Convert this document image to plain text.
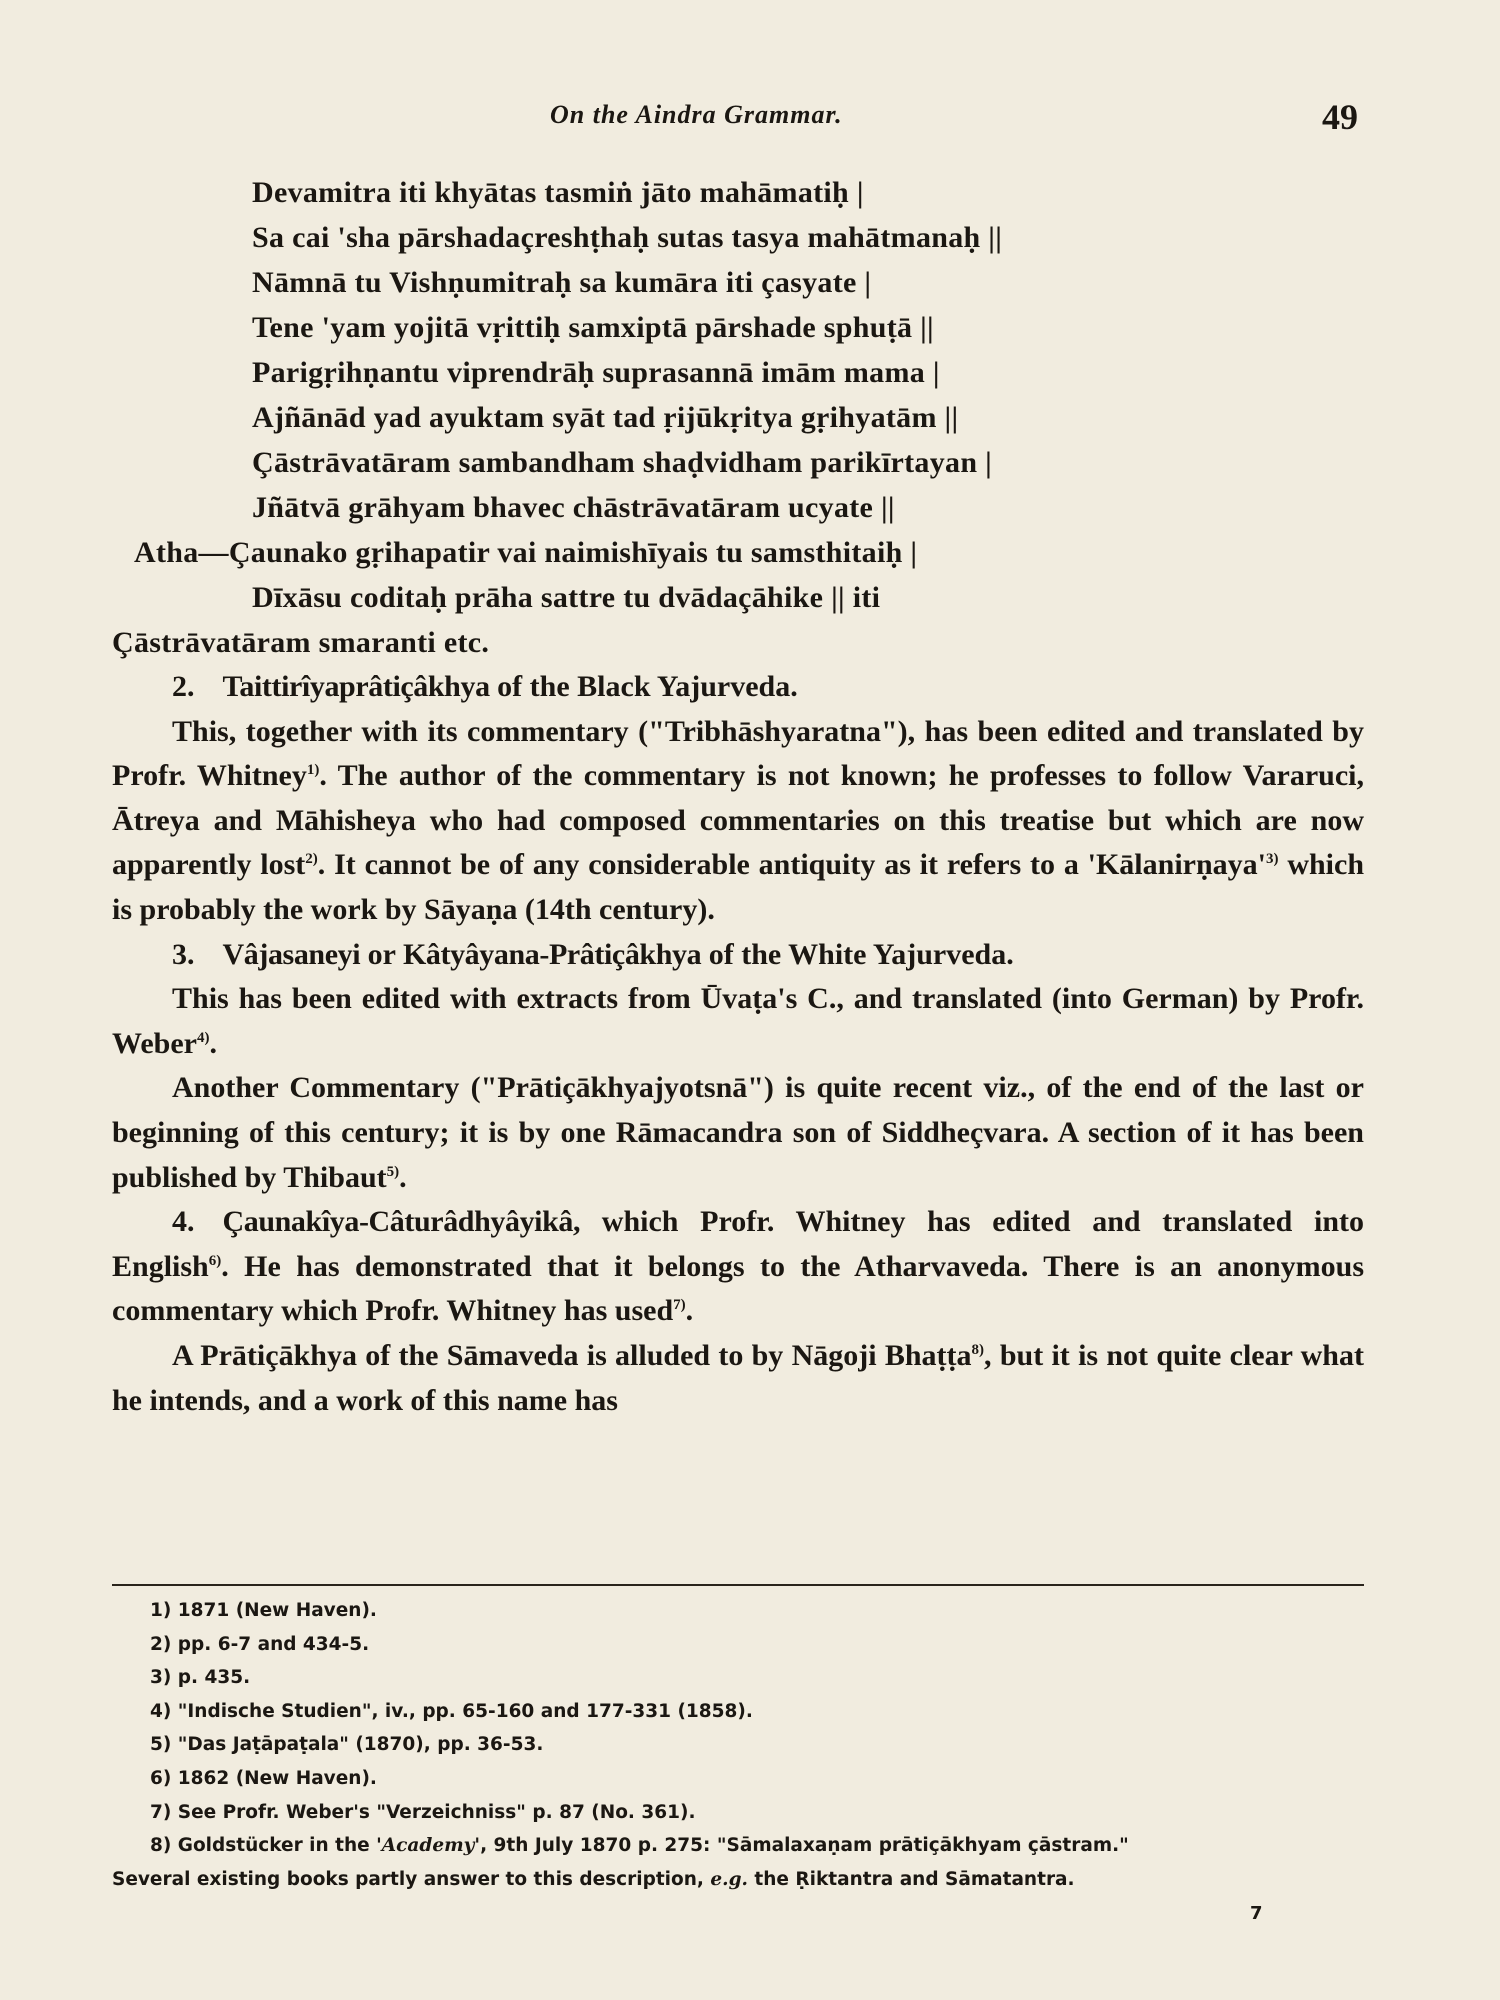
On the Aindra Grammar.	49
Devamitra iti khyātas tasmiṅ jāto mahāmatiḥ |
Sa cai 'sha pārshadaçreshṭhaḥ sutas tasya mahātmanaḥ ||
Nāmnā tu Vishṇumitraḥ sa kumāra iti çasyate |
Tene 'yam yojitā vṛittiḥ samxiptā pārshade sphuṭā ||
Parigṛihṇantu viprendrāḥ suprasannā imām mama |
Ajñānād yad ayuktam syāt tad ṛijūkṛitya gṛihyatām ||
Çāstrāvatāram sambandham shaḍvidham parikīrtayan |
Jñātvā grāhyam bhavec chāstrāvatāram ucyate ||
Atha—Çaunako gṛihapatir vai naimishīyais tu samsthitaiḥ |
Dīxāsu coditaḥ prāha sattre tu dvādaçāhike || iti
Çāstrāvatāram smaranti etc.

2. Taittirîyaprâtiçâkhya of the Black Yajurveda.

This, together with its commentary ("Tribhāshyaratna"), has been edited and translated by Profr. Whitney$^{1)}$. The author of the commentary is not known; he professes to follow Vararuci, Ātreya and Māhisheya who had composed commentaries on this treatise but which are now apparently lost$^{2)}$. It cannot be of any considerable antiquity as it refers to a '$Kālanirṇaya'^{3)}$ which is probably the work by Sāyaṇa (14th century).

3. Vâjasaneyi or Kâtyâyana-Prâtiçâkhya of the White Yajurveda.

This has been edited with extracts from Ūvaṭa's C., and translated (into German) by Profr. Weber$^{4)}$.

Another Commentary ("Prātiçākhyajyotsnā") is quite recent viz., of the end of the last or beginning of this century; it is by one Rāmacandra son of Siddheçvara. A section of it has been published by Thibaut$^{5)}$.

4. Çaunakîya-Câturâdhyâyikâ, which Profr. Whitney has edited and translated into English$^{6)}$. He has demonstrated that it belongs to the Atharvaveda. There is an anonymous commentary which Profr. Whitney has used$^{7)}$.

A Prātiçākhya of the Sāmaveda is alluded to by Nāgoji Bhaṭṭa$^{8)}$, but it is not quite clear what he intends, and a work of this name has

1) 1871 (New Haven).
2) pp. 6-7 and 434-5.
3) p. 435.
4) "Indische Studien", iv., pp. 65-160 and 177-331 (1858).
5) "Das Jaṭāpaṭala" (1870), pp. 36-53.
6) 1862 (New Haven).
7) See Profr. Weber's "Verzeichniss" p. 87 (No. 361).
8) Goldstücker in the 'Academy', 9th July 1870 p. 275: "Sāmalaxaṇam prātiçākhyam çāstram."
Several existing books partly answer to this description, e.g. the Ṛiktantra and Sāmatantra.
7
